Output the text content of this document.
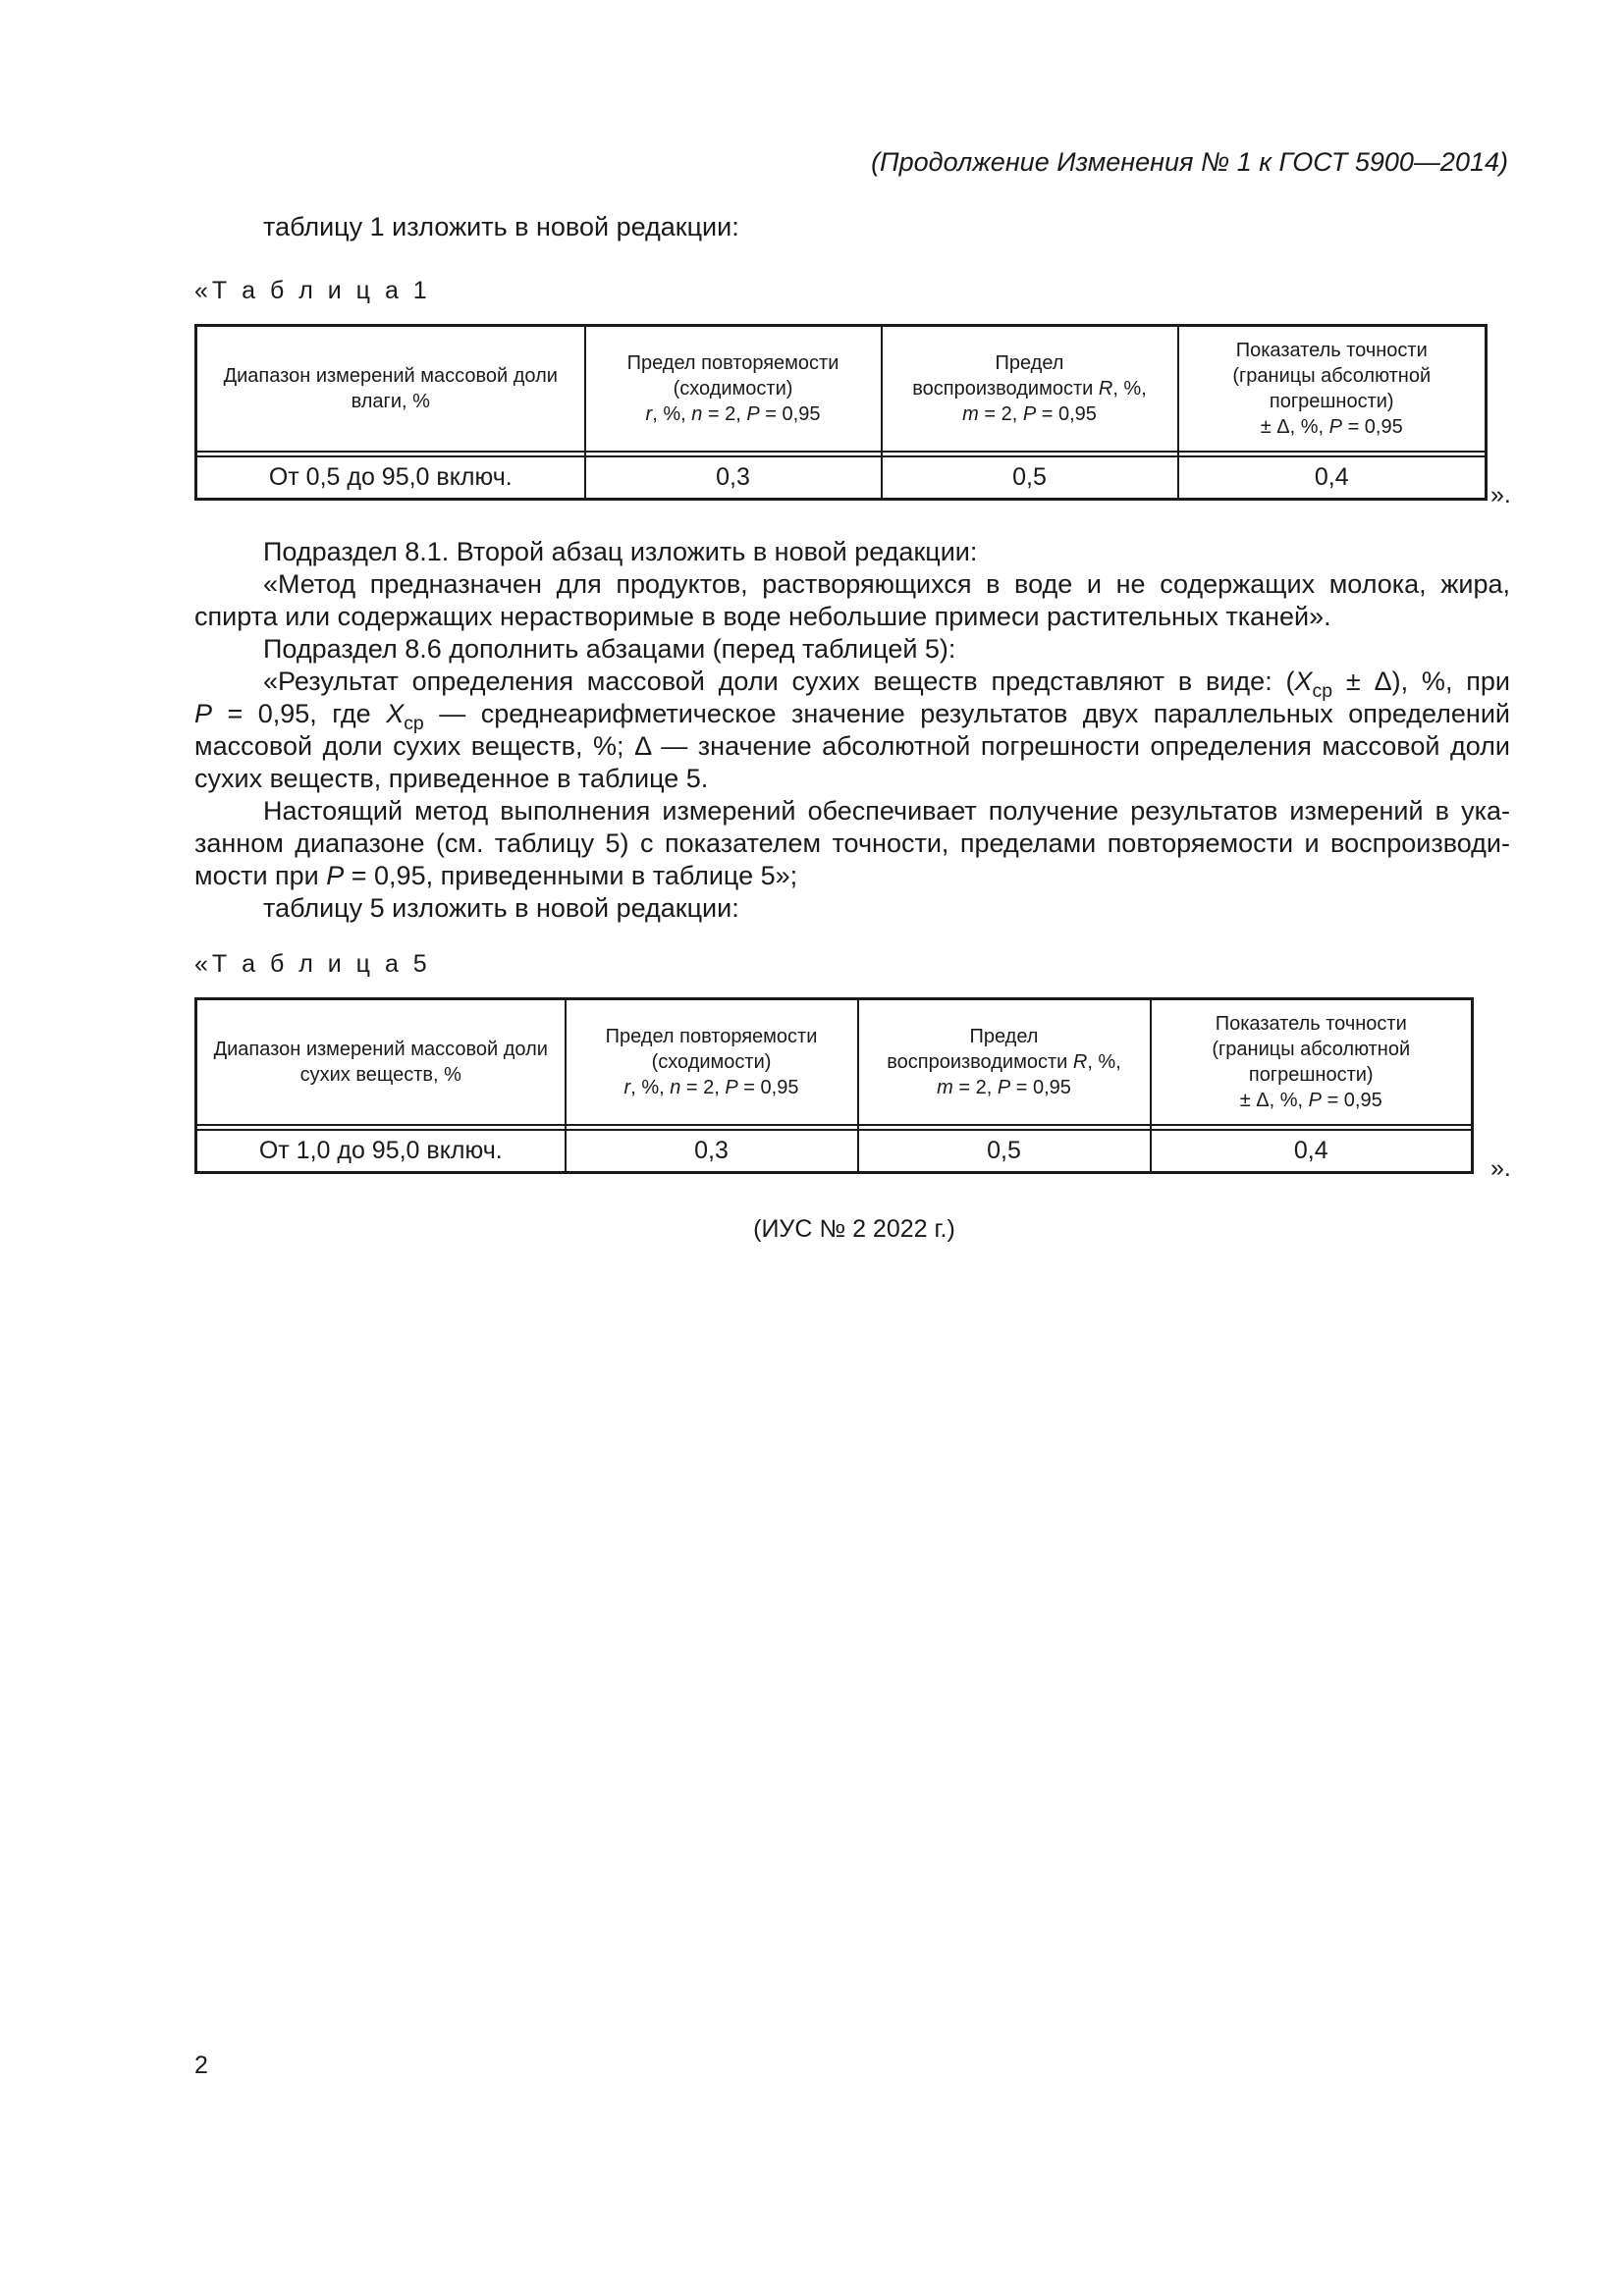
(Продолжение Изменения № 1 к ГОСТ 5900—2014)
таблицу 1 изложить в новой редакции:
«Т а б л и ц а 1
Диапазон измерений массовой доли влаги, %	Предел повторяемости
(сходимости)
r, %, n = 2, P = 0,95	Предел
воспроизводимости R, %,
m = 2, P = 0,95	Показатель точности
(границы абсолютной
погрешности)
± Δ, %, P = 0,95

От 0,5 до 95,0 включ.	0,3	0,5	0,4
».
Подраздел 8.1. Второй абзац изложить в новой редакции:
«Метод предназначен для продуктов, растворяющихся в воде и не содержащих молока, жира,
спирта или содержащих нерастворимые в воде небольшие примеси растительных тканей».
Подраздел 8.6 дополнить абзацами (перед таблицей 5):
«Результат определения массовой доли сухих веществ представляют в виде: $(X_{ср} \pm \Delta)$, %, при
P = 0,95, где $X_{ср}$ — среднеарифметическое значение результатов двух параллельных определений
массовой доли сухих веществ, %; Δ — значение абсолютной погрешности определения массовой доли
сухих веществ, приведенное в таблице 5.
Настоящий метод выполнения измерений обеспечивает получение результатов измерений в ука-
занном диапазоне (см. таблицу 5) с показателем точности, пределами повторяемости и воспроизводи-
мости при P = 0,95, приведенными в таблице 5»;
таблицу 5 изложить в новой редакции:
«Т а б л и ц а 5
Диапазон измерений массовой доли сухих веществ, %	Предел повторяемости
(сходимости)
r, %, n = 2, P = 0,95	Предел
воспроизводимости R, %,
m = 2, P = 0,95	Показатель точности
(границы абсолютной
погрешности)
± Δ, %, P = 0,95

От 1,0 до 95,0 включ.	0,3	0,5	0,4
».
(ИУС № 2 2022 г.)
2
